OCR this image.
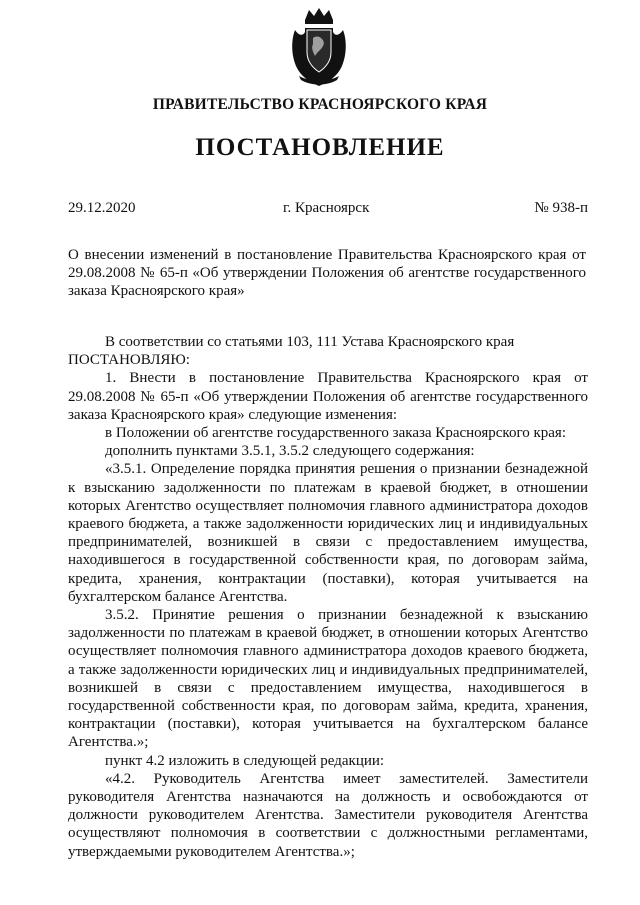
ПРАВИТЕЛЬСТВО КРАСНОЯРСКОГО КРАЯ
ПОСТАНОВЛЕНИЕ
29.12.2020	г. Красноярск	№ 938-п
О внесении изменений в постановление Правительства Красноярского края от 29.08.2008 № 65-п «Об утверждении Положения об агентстве государственного заказа Красноярского края»

В соответствии со статьями 103, 111 Устава Красноярского края

ПОСТАНОВЛЯЮ:

1. Внести в постановление Правительства Красноярского края от 29.08.2008 № 65-п «Об утверждении Положения об агентстве государственного заказа Красноярского края» следующие изменения:

в Положении об агентстве государственного заказа Красноярского края:

дополнить пунктами 3.5.1, 3.5.2 следующего содержания:

«3.5.1. Определение порядка принятия решения о признании безнадежной к взысканию задолженности по платежам в краевой бюджет, в отношении которых Агентство осуществляет полномочия главного администратора доходов краевого бюджета, а также задолженности юридических лиц и индивидуальных предпринимателей, возникшей в связи с предоставлением имущества, находившегося в государственной собственности края, по договорам займа, кредита, хранения, контрактации (поставки), которая учитывается на бухгалтерском балансе Агентства.

3.5.2. Принятие решения о признании безнадежной к взысканию задолженности по платежам в краевой бюджет, в отношении которых Агентство осуществляет полномочия главного администратора доходов краевого бюджета, а также задолженности юридических лиц и индивидуальных предпринимателей, возникшей в связи с предоставлением имущества, находившегося в государственной собственности края, по договорам займа, кредита, хранения, контрактации (поставки), которая учитывается на бухгалтерском балансе Агентства.»;

пункт 4.2 изложить в следующей редакции:

«4.2. Руководитель Агентства имеет заместителей. Заместители руководителя Агентства назначаются на должность и освобождаются от должности руководителем Агентства. Заместители руководителя Агентства осуществляют полномочия в соответствии с должностными регламентами, утверждаемыми руководителем Агентства.»;
